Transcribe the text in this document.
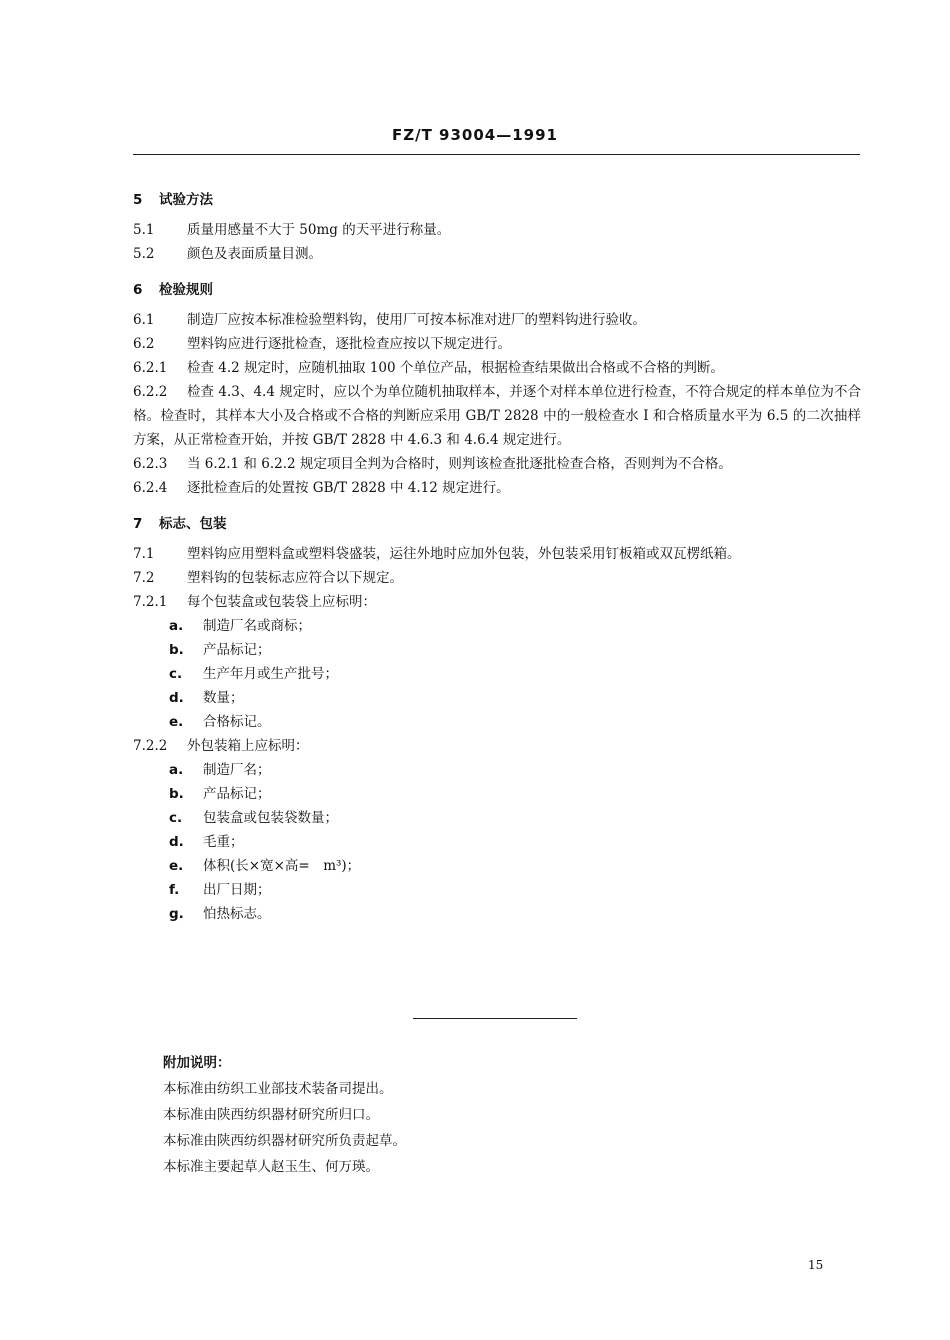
FZ/T 93004—1991
5 试验方法
5.1 质量用感量不大于 50mg 的天平进行称量。
5.2 颜色及表面质量目测。
6 检验规则
6.1 制造厂应按本标准检验塑料钩，使用厂可按本标准对进厂的塑料钩进行验收。
6.2 塑料钩应进行逐批检查，逐批检查应按以下规定进行。
6.2.1 检查 4.2 规定时，应随机抽取 100 个单位产品，根据检查结果做出合格或不合格的判断。
6.2.2 检查 4.3、4.4 规定时，应以个为单位随机抽取样本，并逐个对样本单位进行检查，不符合规定的样本单位为不合格。检查时，其样本大小及合格或不合格的判断应采用 GB/T 2828 中的一般检查水 I 和合格质量水平为 6.5 的二次抽样方案，从正常检查开始，并按 GB/T 2828 中 4.6.3 和 4.6.4 规定进行。
6.2.3 当 6.2.1 和 6.2.2 规定项目全判为合格时，则判该检查批逐批检查合格，否则判为不合格。
6.2.4 逐批检查后的处置按 GB/T 2828 中 4.12 规定进行。
7 标志、包装
7.1 塑料钩应用塑料盒或塑料袋盛装，运往外地时应加外包装，外包装采用钉板箱或双瓦楞纸箱。
7.2 塑料钩的包装标志应符合以下规定。
7.2.1 每个包装盒或包装袋上应标明：
a. 制造厂名或商标；
b. 产品标记；
c. 生产年月或生产批号；
d. 数量；
e. 合格标记。
7.2.2 外包装箱上应标明：
a. 制造厂名；
b. 产品标记；
c. 包装盒或包装袋数量；
d. 毛重；
e. 体积(长×宽×高=　m³)；
f. 出厂日期；
g. 怕热标志。
附加说明：
本标准由纺织工业部技术装备司提出。
本标准由陕西纺织器材研究所归口。
本标准由陕西纺织器材研究所负责起草。
本标准主要起草人赵玉生、何万瑛。
15
